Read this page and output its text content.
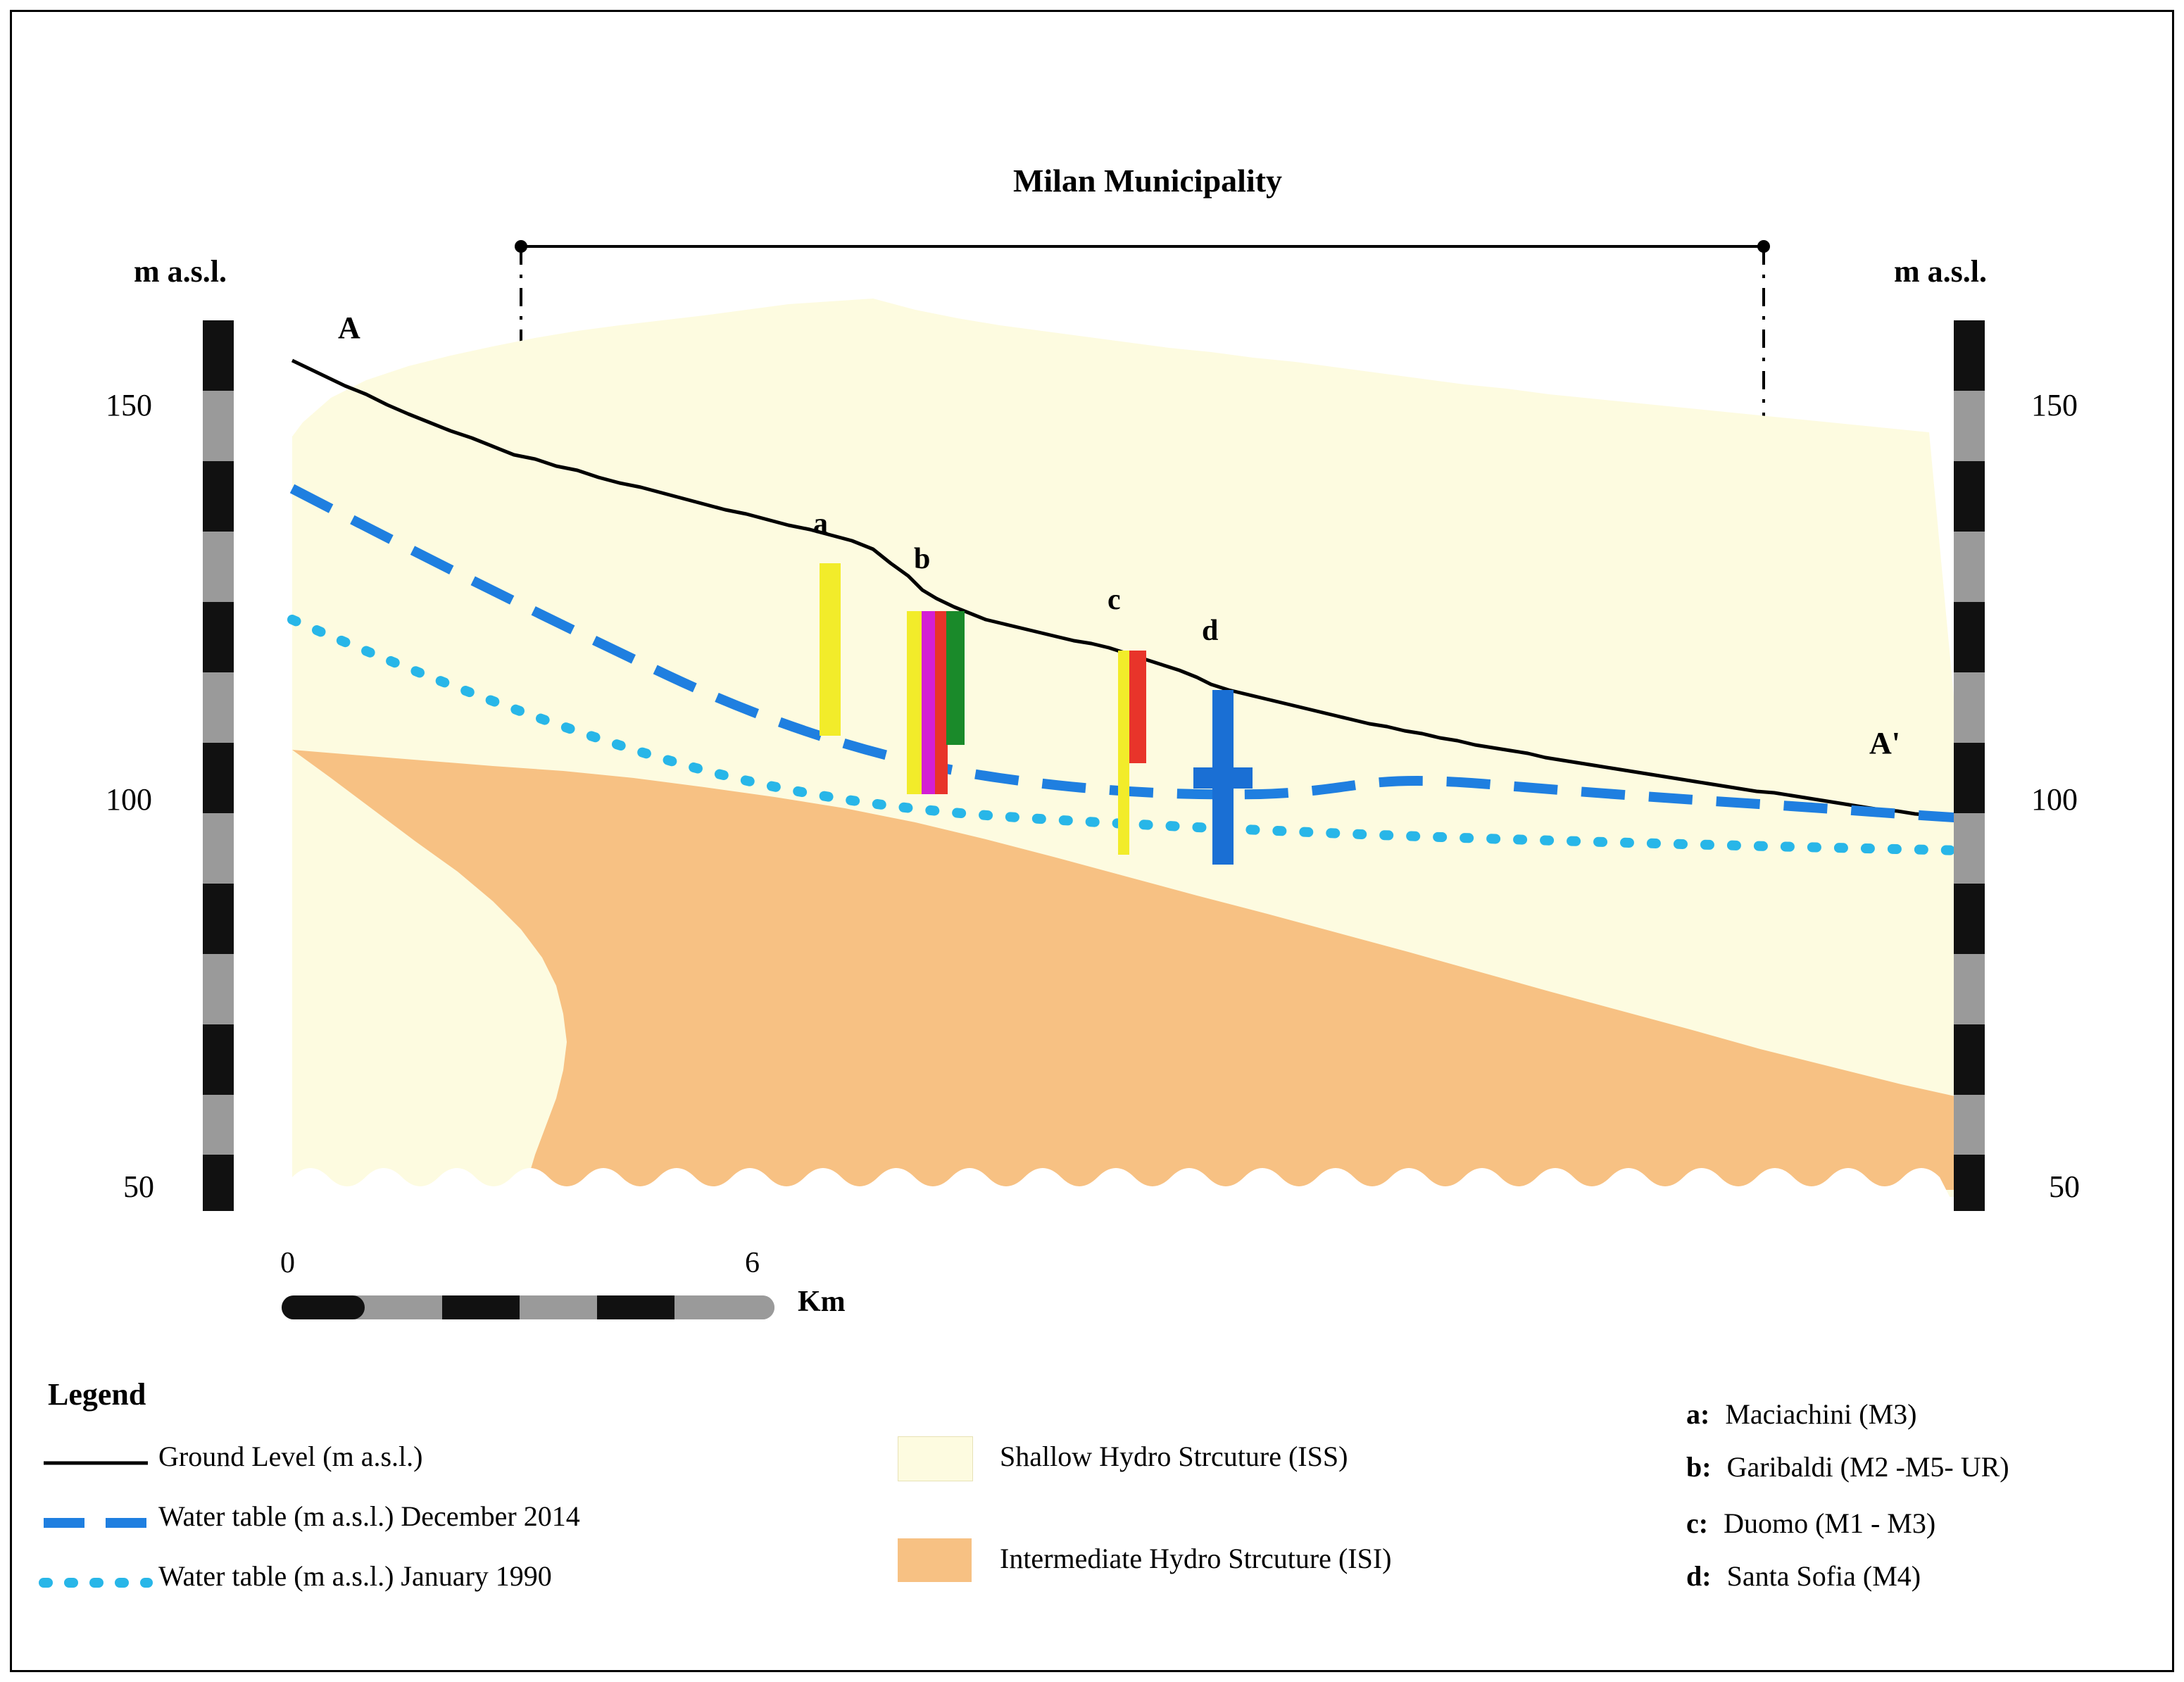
Milan Municipality
m a.s.l.	m a.s.l.
150
100
50
150
100
50
A
A'
a
b
c
d
0	6
Km
Legend
Ground Level (m a.s.l.)
Water table (m a.s.l.) December 2014
Water table (m a.s.l.) January 1990
Shallow Hydro Strcuture (ISS)
Intermediate Hydro Strcuture (ISI)
a: Maciachini (M3)
b: Garibaldi (M2 -M5- UR)
c: Duomo (M1 - M3)
d: Santa Sofia (M4)
